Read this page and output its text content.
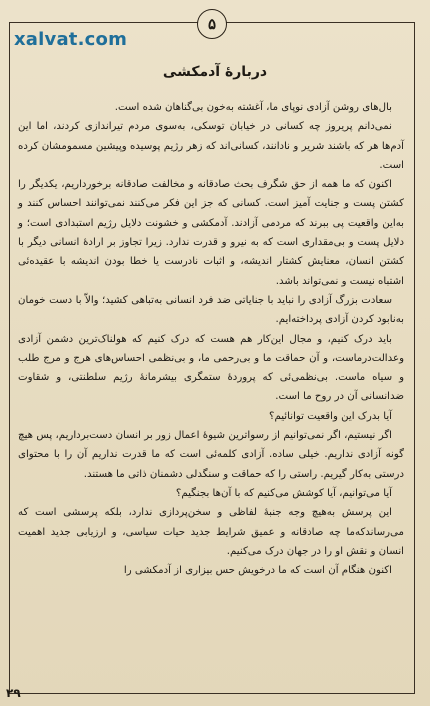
xalvat.com
۵
دربارهٔ آدمکشی

بال‌های روشن آزادی نوپای ما، آغشته به‌خون بی‌گناهان شده است.

نمی‌دانم پریروز چه کسانی در خیابان توسکی، به‌سوی مردم تیراندازی کردند، اما این آدم‌ها هر که باشند شریر و نادانند، کسانی‌اند که زهر رژیم پوسیده وپیشین مسمومشان کرده است.

اکنون که ما همه از حق شگرف بحث صادقانه و مخالفت صادقانه برخورداریم، یکدیگر را کشتن پست و جنایت آمیز است. کسانی که جز این فکر می‌کنند نمی‌توانند احساس کنند و به‌این واقعیت پی ببرند که مردمی آزادند. آدمکشی و خشونت دلایل رژیم استبدادی است؛ و دلایل پست و بی‌مقداری است که به نیرو و قدرت ندارد. زیرا تجاوز بر ارادهٔ انسانی دیگر با کشتن انسان، معنایش کشتار اندیشه، و اثبات نادرست یا خطا بودن اندیشه با عقیده‌ئی اشتباه نیست و نمی‌تواند باشد.

سعادت بزرگ آزادی را نباید با جنایاتی ضد فرد انسانی به‌تباهی کشید؛ والاّ با دست خومان به‌نابود کردن آزادی پرداخته‌ایم.

باید درک کنیم، و مجال این‌کار هم هست که درک کنیم که هولناک‌ترین دشمن آزادی وعدالت‌درماست، و آن حماقت ما و بی‌رحمی ما، و بی‌نظمی احساس‌های هرج و مرج طلب و سیاه ماست. بی‌نظمی‌ئی که پروردهٔ ستمگری بیشرمانهٔ رژیم سلطنتی، و شقاوت ضدانسانی آن در روح ما است.

آیا بدرک این واقعیت توانائیم؟

اگر نیستیم، اگر نمی‌توانیم از رسواترین شیوهٔ اعمال زور بر انسان دست‌برداریم، پس هیچ گونه آزادی نداریم. خیلی ساده. آزادی کلمه‌ئی است که ما قدرت نداریم آن را با محتوای درستی به‌کار گیریم. راستی را که حماقت و سنگدلی دشمنان ذاتی ما هستند.

آیا می‌توانیم، آیا کوشش می‌کنیم که با آن‌ها بجنگیم؟

این پرسش به‌هیچ وجه جنبهٔ لفاظی و سخن‌پردازی ندارد، بلکه پرسشی است که می‌رساندکه‌ما چه صادقانه و عمیق شرایط جدید حیات سیاسی، و ارزیابی جدید اهمیت انسان و نقش او را در جهان درک می‌کنیم.

اکنون هنگام آن است که ما درخویش حس بیزاری از آدمکشی را

۲۹
